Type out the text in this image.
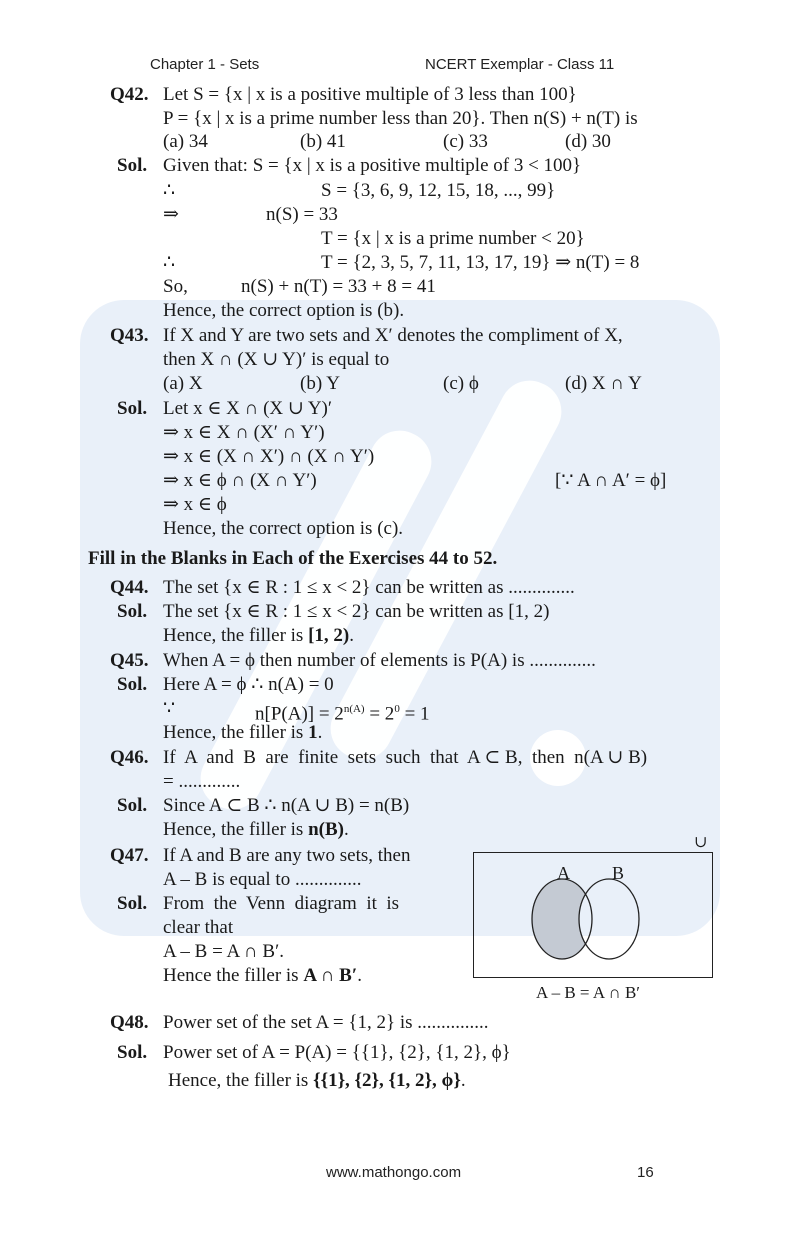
Chapter 1 - Sets	NCERT Exemplar - Class 11
Q42. Let S = {x | x is a positive multiple of 3 less than 100}
P = {x | x is a prime number less than 20}. Then n(S) + n(T) is
(a) 34	(b) 41	(c) 33	(d) 30
Sol. Given that: S = {x | x is a positive multiple of 3 < 100}
∴	S = {3, 6, 9, 12, 15, 18, ..., 99}
⇒	n(S) = 33
T = {x | x is a prime number < 20}
∴	T = {2, 3, 5, 7, 11, 13, 17, 19} ⇒ n(T) = 8
So,	n(S) + n(T) = 33 + 8 = 41
Hence, the correct option is (b).
Q43. If X and Y are two sets and X′ denotes the compliment of X,
then X ∩ (X ∪ Y)′ is equal to
(a) X	(b) Y	(c) ϕ	(d) X ∩ Y
Sol. Let x ∈ X ∩ (X ∪ Y)′
⇒ x ∈ X ∩ (X′ ∩ Y′)
⇒ x ∈ (X ∩ X′) ∩ (X ∩ Y′)
⇒ x ∈ ϕ ∩ (X ∩ Y′)	[∵ A ∩ A′ = ϕ]
⇒ x ∈ ϕ
Hence, the correct option is (c).
Fill in the Blanks in Each of the Exercises 44 to 52.
Q44. The set {x ∈ R : 1 ≤ x < 2} can be written as ..............
Sol. The set {x ∈ R : 1 ≤ x < 2} can be written as [1, 2)
Hence, the filler is [1, 2).
Q45. When A = ϕ then number of elements is P(A) is ..............
Sol. Here A = ϕ ∴ n(A) = 0
∵	$n[P(A)] = 2^{n(A)} = 2^0 = 1$
Hence, the filler is 1.
Q46. If  A  and  B  are  finite  sets  such  that  A ⊂ B,  then  n(A ∪ B)
= .............
Sol. Since A ⊂ B ∴ n(A ∪ B) = n(B)
Hence, the filler is n(B).
Q47. If A and B are any two sets, then
A – B is equal to ..............
Sol. From  the  Venn  diagram  it  is
clear that
A – B = A ∩ B′.
Hence the filler is A ∩ B′.
∪
A B
A – B = A ∩ B′
Q48. Power set of the set A = {1, 2} is ...............
Sol. Power set of A = P(A) = {{1}, {2}, {1, 2}, ϕ}
Hence, the filler is {{1}, {2}, {1, 2}, ϕ}.
www.mathongo.com	16
